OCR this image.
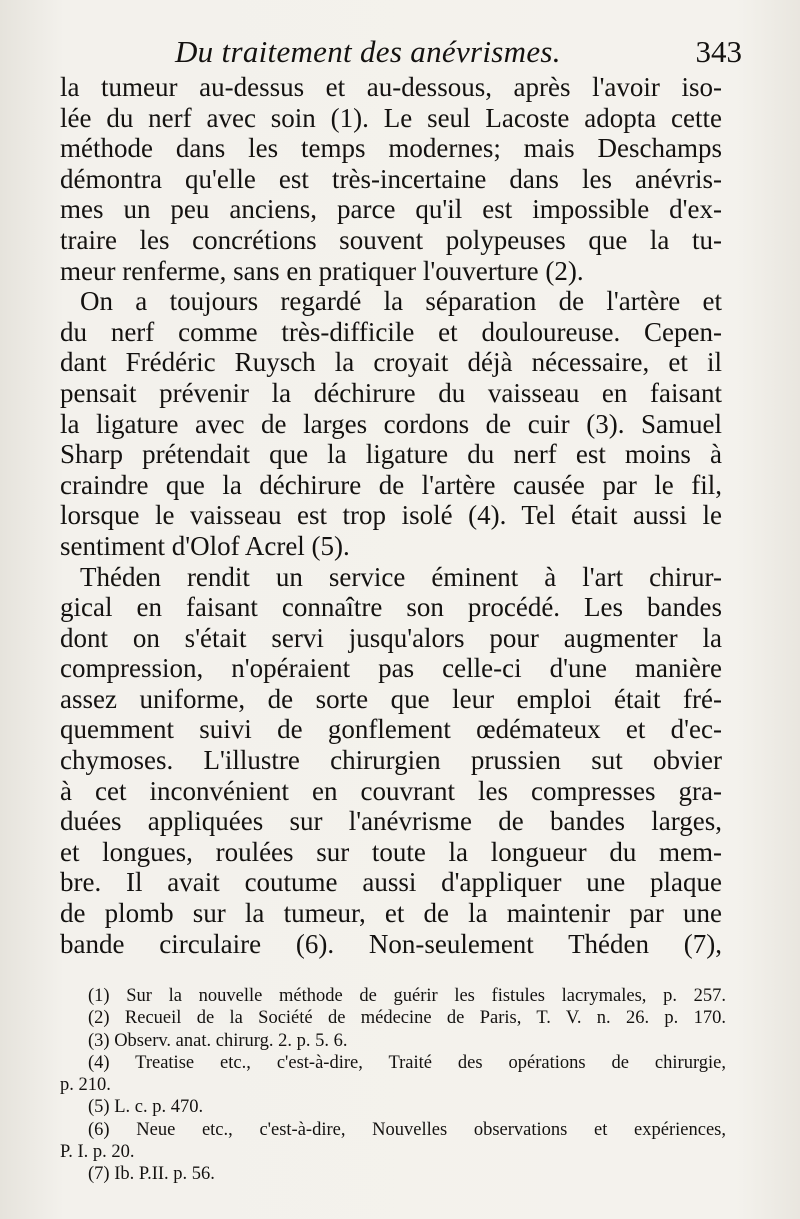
Du traitement des anévrismes.	343
la tumeur au-dessus et au-dessous, après l'avoir iso-
lée du nerf avec soin (1). Le seul Lacoste adopta cette
méthode dans les temps modernes; mais Deschamps
démontra qu'elle est très-incertaine dans les anévris-
mes un peu anciens, parce qu'il est impossible d'ex-
traire les concrétions souvent polypeuses que la tu-
meur renferme, sans en pratiquer l'ouverture (2).
On a toujours regardé la séparation de l'artère et
du nerf comme très-difficile et douloureuse. Cepen-
dant Frédéric Ruysch la croyait déjà nécessaire, et il
pensait prévenir la déchirure du vaisseau en faisant
la ligature avec de larges cordons de cuir (3). Samuel
Sharp prétendait que la ligature du nerf est moins à
craindre que la déchirure de l'artère causée par le fil,
lorsque le vaisseau est trop isolé (4). Tel était aussi le
sentiment d'Olof Acrel (5).
Théden rendit un service éminent à l'art chirur-
gical en faisant connaître son procédé. Les bandes
dont on s'était servi jusqu'alors pour augmenter la
compression, n'opéraient pas celle-ci d'une manière
assez uniforme, de sorte que leur emploi était fré-
quemment suivi de gonflement œdémateux et d'ec-
chymoses. L'illustre chirurgien prussien sut obvier
à cet inconvénient en couvrant les compresses gra-
duées appliquées sur l'anévrisme de bandes larges,
et longues, roulées sur toute la longueur du mem-
bre. Il avait coutume aussi d'appliquer une plaque
de plomb sur la tumeur, et de la maintenir par une
bande circulaire (6). Non-seulement Théden (7),
(1) Sur la nouvelle méthode de guérir les fistules lacrymales, p. 257.
(2) Recueil de la Société de médecine de Paris, T. V. n. 26. p. 170.
(3) Observ. anat. chirurg. 2. p. 5. 6.
(4) Treatise etc., c'est-à-dire, Traité des opérations de chirurgie,
p. 210.
(5) L. c. p. 470.
(6) Neue etc., c'est-à-dire, Nouvelles observations et expériences,
P. I. p. 20.
(7) Ib. P.II. p. 56.
